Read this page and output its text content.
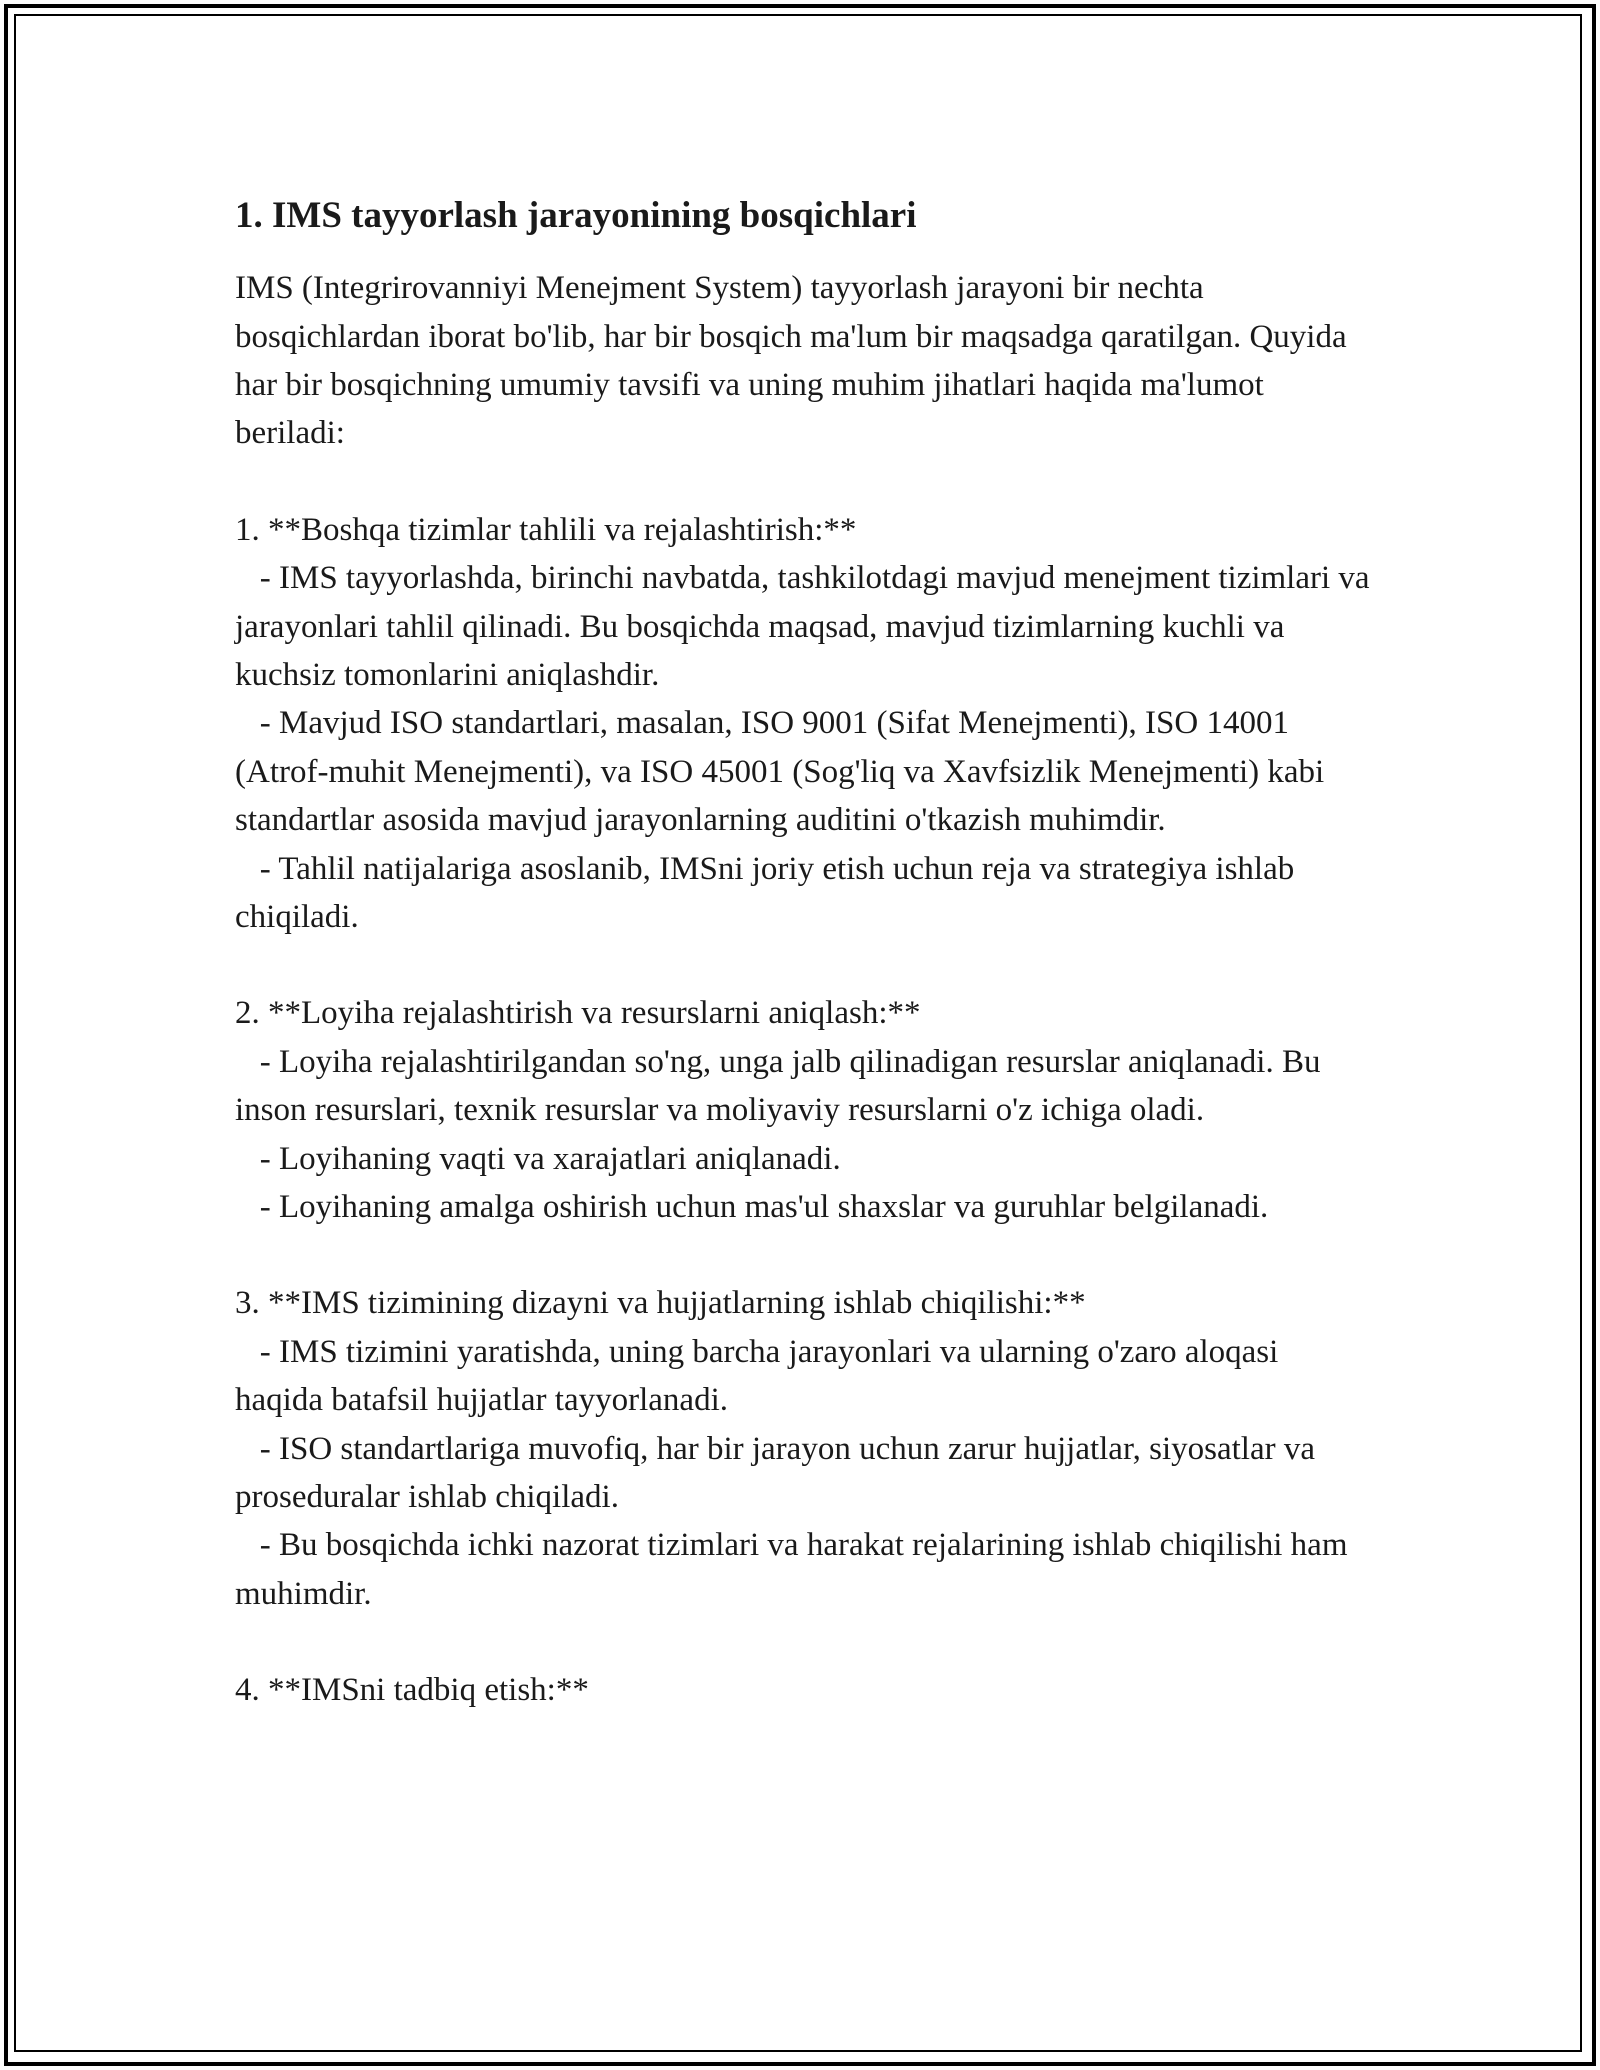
1. IMS tayyorlash jarayonining bosqichlari

IMS (Integrirovanniyi Menejment System) tayyorlash jarayoni bir nechta bosqichlardan iborat bo'lib, har bir bosqich ma'lum bir maqsadga qaratilgan. Quyida har bir bosqichning umumiy tavsifi va uning muhim jihatlari haqida ma'lumot beriladi:

1. **Boshqa tizimlar tahlili va rejalashtirish:**

- IMS tayyorlashda, birinchi navbatda, tashkilotdagi mavjud menejment tizimlari va jarayonlari tahlil qilinadi. Bu bosqichda maqsad, mavjud tizimlarning kuchli va kuchsiz tomonlarini aniqlashdir.

- Mavjud ISO standartlari, masalan, ISO 9001 (Sifat Menejmenti), ISO 14001 (Atrof-muhit Menejmenti), va ISO 45001 (Sog'liq va Xavfsizlik Menejmenti) kabi standartlar asosida mavjud jarayonlarning auditini o'tkazish muhimdir.

- Tahlil natijalariga asoslanib, IMSni joriy etish uchun reja va strategiya ishlab chiqiladi.

2. **Loyiha rejalashtirish va resurslarni aniqlash:**

- Loyiha rejalashtirilgandan so'ng, unga jalb qilinadigan resurslar aniqlanadi. Bu inson resurslari, texnik resurslar va moliyaviy resurslarni o'z ichiga oladi.

- Loyihaning vaqti va xarajatlari aniqlanadi.

- Loyihaning amalga oshirish uchun mas'ul shaxslar va guruhlar belgilanadi.

3. **IMS tizimining dizayni va hujjatlarning ishlab chiqilishi:**

- IMS tizimini yaratishda, uning barcha jarayonlari va ularning o'zaro aloqasi haqida batafsil hujjatlar tayyorlanadi.

- ISO standartlariga muvofiq, har bir jarayon uchun zarur hujjatlar, siyosatlar va proseduralar ishlab chiqiladi.

- Bu bosqichda ichki nazorat tizimlari va harakat rejalarining ishlab chiqilishi ham muhimdir.

4. **IMSni tadbiq etish:**
